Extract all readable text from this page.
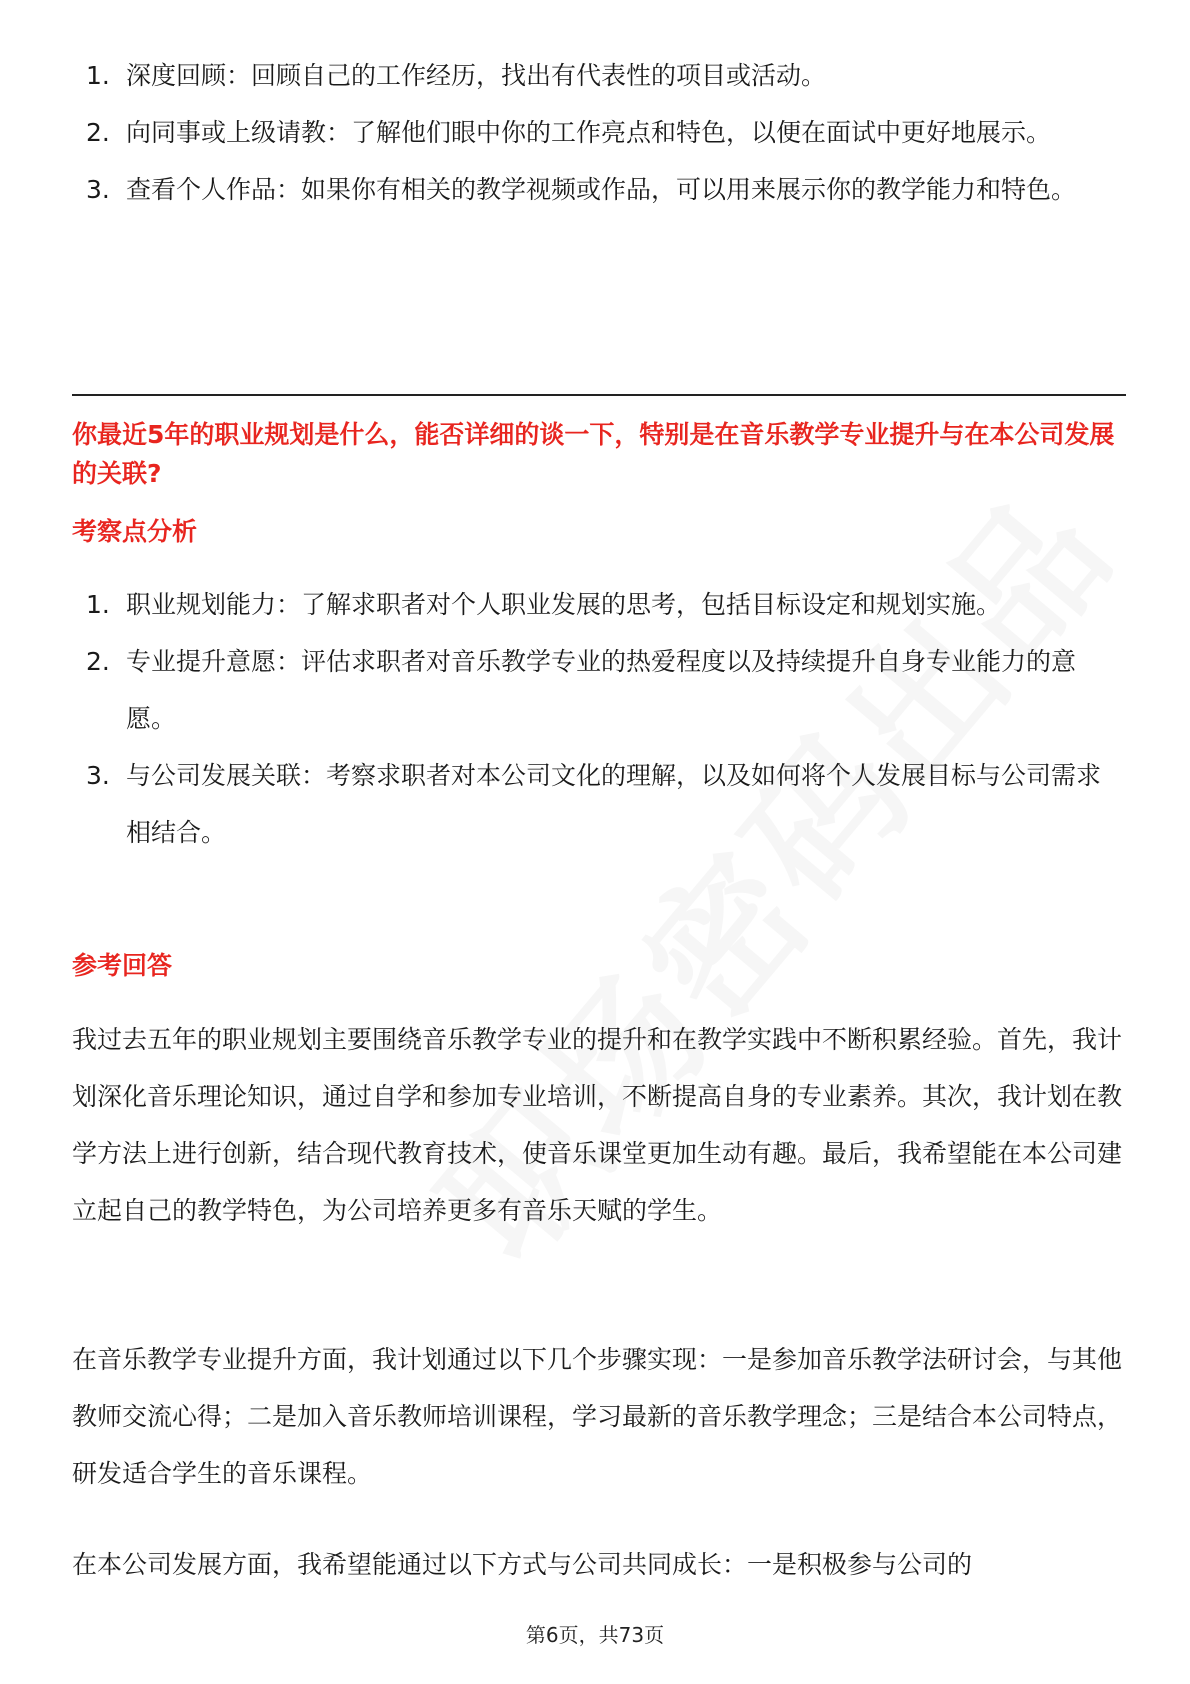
1. 深度回顾：回顾自己的工作经历，找出有代表性的项目或活动。
2. 向同事或上级请教：了解他们眼中你的工作亮点和特色，以便在面试中更好地展示。
3. 查看个人作品：如果你有相关的教学视频或作品，可以用来展示你的教学能力和特色。
你最近5年的职业规划是什么，能否详细的谈一下，特别是在音乐教学专业提升与在本公司发展的关联?
考察点分析
1. 职业规划能力：了解求职者对个人职业发展的思考，包括目标设定和规划实施。
2. 专业提升意愿：评估求职者对音乐教学专业的热爱程度以及持续提升自身专业能力的意愿。
3. 与公司发展关联：考察求职者对本公司文化的理解，以及如何将个人发展目标与公司需求相结合。
参考回答
我过去五年的职业规划主要围绕音乐教学专业的提升和在教学实践中不断积累经验。首先，我计划深化音乐理论知识，通过自学和参加专业培训，不断提高自身的专业素养。其次，我计划在教学方法上进行创新，结合现代教育技术，使音乐课堂更加生动有趣。最后，我希望能在本公司建立起自己的教学特色，为公司培养更多有音乐天赋的学生。
在音乐教学专业提升方面，我计划通过以下几个步骤实现：一是参加音乐教学法研讨会，与其他教师交流心得；二是加入音乐教师培训课程，学习最新的音乐教学理念；三是结合本公司特点，研发适合学生的音乐课程。
在本公司发展方面，我希望能通过以下方式与公司共同成长：一是积极参与公司的
第6页，共73页
